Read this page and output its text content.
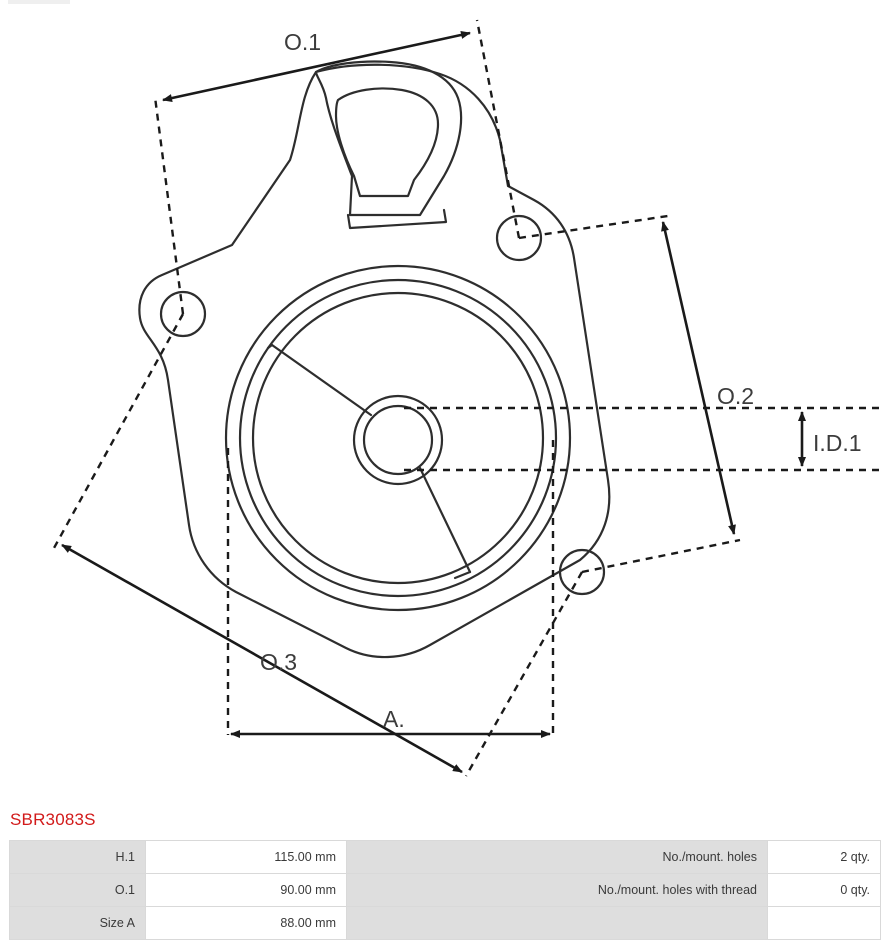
O.1
O.2
O.3
A.
I.D.1
SBR3083S
H.1	115.00 mm	No./mount. holes	2 qty.
O.1	90.00 mm	No./mount. holes with thread	0 qty.
Size A	88.00 mm		
